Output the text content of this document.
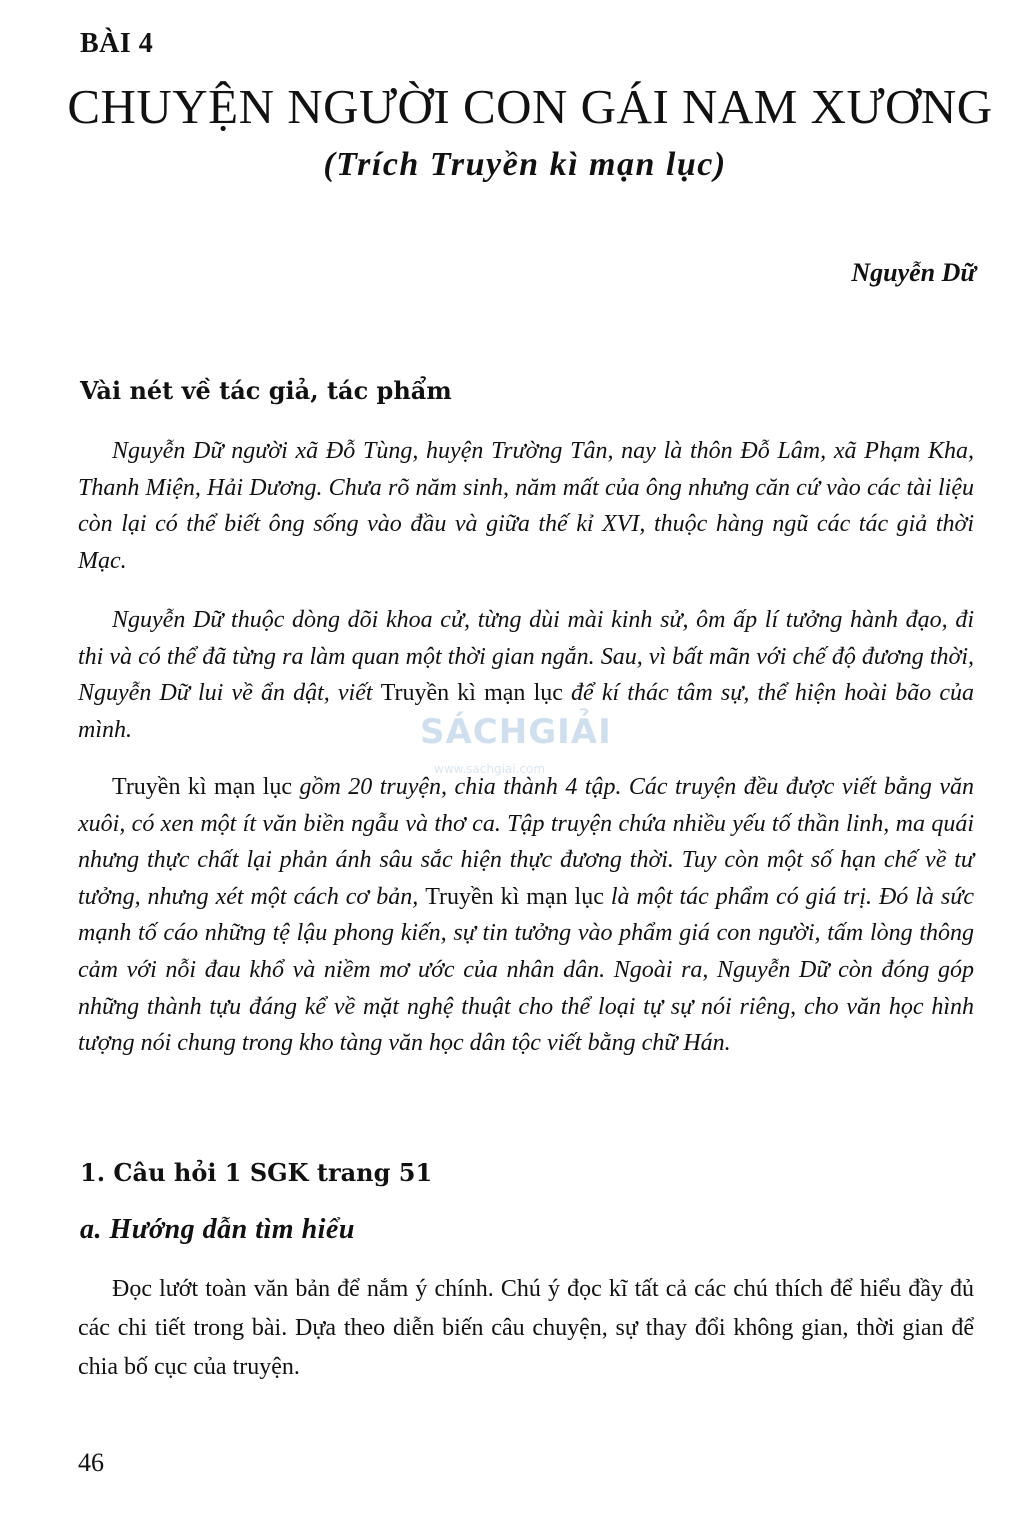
BÀI 4
CHUYỆN NGƯỜI CON GÁI NAM XƯƠNG
(Trích Truyền kì mạn lục)
Nguyễn Dữ
Vài nét về tác giả, tác phẩm

Nguyễn Dữ người xã Đỗ Tùng, huyện Trường Tân, nay là thôn Đỗ Lâm, xã Phạm Kha, Thanh Miện, Hải Dương. Chưa rõ năm sinh, năm mất của ông nhưng căn cứ vào các tài liệu còn lại có thể biết ông sống vào đầu và giữa thế kỉ XVI, thuộc hàng ngũ các tác giả thời Mạc.

Nguyễn Dữ thuộc dòng dõi khoa cử, từng dùi mài kinh sử, ôm ấp lí tưởng hành đạo, đi thi và có thể đã từng ra làm quan một thời gian ngắn. Sau, vì bất mãn với chế độ đương thời, Nguyễn Dữ lui về ẩn dật, viết Truyền kì mạn lục để kí thác tâm sự, thể hiện hoài bão của mình.

Truyền kì mạn lục gồm 20 truyện, chia thành 4 tập. Các truyện đều được viết bằng văn xuôi, có xen một ít văn biền ngẫu và thơ ca. Tập truyện chứa nhiều yếu tố thần linh, ma quái nhưng thực chất lại phản ánh sâu sắc hiện thực đương thời. Tuy còn một số hạn chế về tư tưởng, nhưng xét một cách cơ bản, Truyền kì mạn lục là một tác phẩm có giá trị. Đó là sức mạnh tố cáo những tệ lậu phong kiến, sự tin tưởng vào phẩm giá con người, tấm lòng thông cảm với nỗi đau khổ và niềm mơ ước của nhân dân. Ngoài ra, Nguyễn Dữ còn đóng góp những thành tựu đáng kể về mặt nghệ thuật cho thể loại tự sự nói riêng, cho văn học hình tượng nói chung trong kho tàng văn học dân tộc viết bằng chữ Hán.

1. Câu hỏi 1 SGK trang 51
a. Hướng dẫn tìm hiểu

Đọc lướt toàn văn bản để nắm ý chính. Chú ý đọc kĩ tất cả các chú thích để hiểu đầy đủ các chi tiết trong bài. Dựa theo diễn biến câu chuyện, sự thay đổi không gian, thời gian để chia bố cục của truyện.

SÁCHGIẢI
www.sachgiai.com
46
